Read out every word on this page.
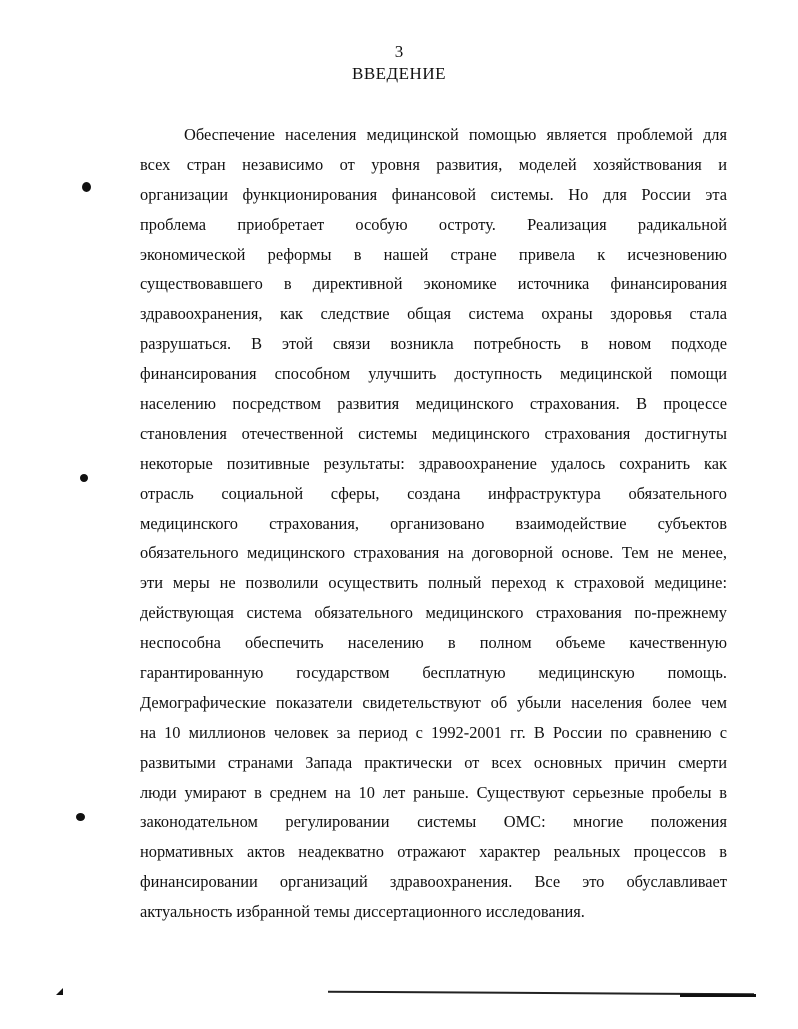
3
ВВЕДЕНИЕ
Обеспечение населения медицинской помощью является проблемой для
всех стран независимо от уровня развития, моделей хозяйствования и
организации функционирования финансовой системы. Но для России эта
проблема приобретает особую остроту. Реализация радикальной
экономической реформы в нашей стране привела к исчезновению
существовавшего в директивной экономике источника финансирования
здравоохранения, как следствие общая система охраны здоровья стала
разрушаться. В этой связи возникла потребность в новом подходе
финансирования способном улучшить доступность медицинской помощи
населению посредством развития медицинского страхования. В процессе
становления отечественной системы медицинского страхования достигнуты
некоторые позитивные результаты: здравоохранение удалось сохранить как
отрасль социальной сферы, создана инфраструктура обязательного
медицинского страхования, организовано взаимодействие субъектов
обязательного медицинского страхования на договорной основе. Тем не менее,
эти меры не позволили осуществить полный переход к страховой медицине:
действующая система обязательного медицинского страхования по-прежнему
неспособна обеспечить населению в полном объеме качественную
гарантированную государством бесплатную медицинскую помощь.
Демографические показатели свидетельствуют об убыли населения более чем
на 10 миллионов человек за период с 1992-2001 гг. В России по сравнению с
развитыми странами Запада практически от всех основных причин смерти
люди умирают в среднем на 10 лет раньше. Существуют серьезные пробелы в
законодательном регулировании системы ОМС: многие положения
нормативных актов неадекватно отражают характер реальных процессов в
финансировании организаций здравоохранения. Все это обуславливает
актуальность избранной темы диссертационного исследования.
